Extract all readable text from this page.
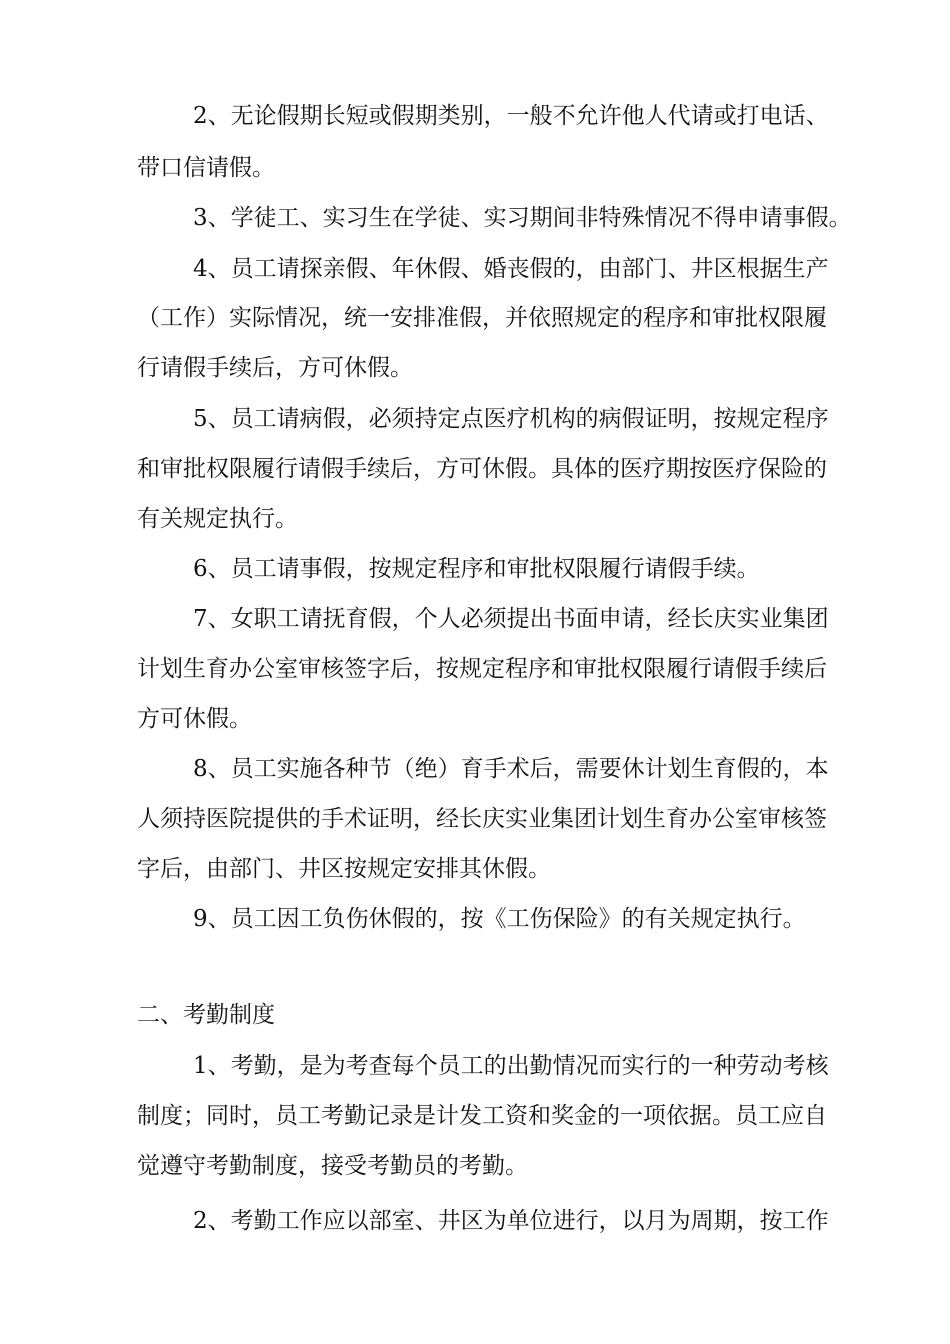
2、无论假期长短或假期类别，一般不允许他人代请或打电话、
带口信请假。
3、学徒工、实习生在学徒、实习期间非特殊情况不得申请事假。
4、员工请探亲假、年休假、婚丧假的，由部门、井区根据生产
（工作）实际情况，统一安排准假，并依照规定的程序和审批权限履
行请假手续后，方可休假。
5、员工请病假，必须持定点医疗机构的病假证明，按规定程序
和审批权限履行请假手续后，方可休假。具体的医疗期按医疗保险的
有关规定执行。
6、员工请事假，按规定程序和审批权限履行请假手续。
7、女职工请抚育假，个人必须提出书面申请，经长庆实业集团
计划生育办公室审核签字后，按规定程序和审批权限履行请假手续后
方可休假。
8、员工实施各种节（绝）育手术后，需要休计划生育假的，本
人须持医院提供的手术证明，经长庆实业集团计划生育办公室审核签
字后，由部门、井区按规定安排其休假。
9、员工因工负伤休假的，按《工伤保险》的有关规定执行。
二、考勤制度
1、考勤，是为考查每个员工的出勤情况而实行的一种劳动考核
制度；同时，员工考勤记录是计发工资和奖金的一项依据。员工应自
觉遵守考勤制度，接受考勤员的考勤。
2、考勤工作应以部室、井区为单位进行，以月为周期，按工作
